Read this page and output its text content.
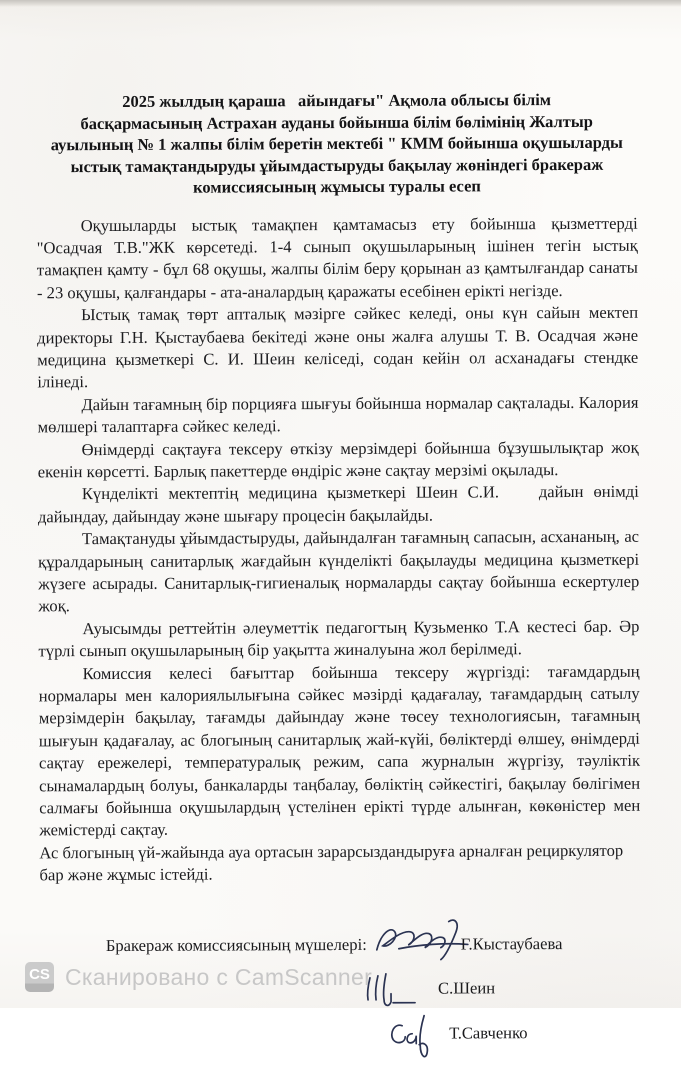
2025 жылдың қараша   айындағы" Ақмола облысы білім
басқармасының Астрахан ауданы бойынша білім бөлімінің Жалтыр
ауылының № 1 жалпы білім беретін мектебі " КММ бойынша оқушыларды
ыстық тамақтандыруды ұйымдастыруды бақылау жөніндегі бракераж
комиссиясының жұмысы туралы есеп

Оқушыларды ыстық тамақпен қамтамасыз ету бойынша қызметтерді "Осадчая Т.В."ЖК көрсетеді. 1-4 сынып оқушыларының ішінен тегін ыстық тамақпен қамту - бұл 68 оқушы, жалпы білім беру қорынан аз қамтылғандар санаты - 23 оқушы, қалғандары - ата-аналардың қаражаты есебінен ерікті негізде.

Ыстық тамақ төрт апталық мәзірге сәйкес келеді, оны күн сайын мектеп директоры Г.Н. Қыстаубаева бекітеді және оны жалға алушы Т. В. Осадчая және медицина қызметкері С. И. Шеин келіседі, содан кейін ол асханадағы стендке ілінеді.

Дайын тағамның бір порцияға шығуы бойынша нормалар сақталады. Калория мөлшері талаптарға сәйкес келеді.

Өнімдерді сақтауға тексеру өткізу мерзімдері бойынша бұзушылықтар жоқ екенін көрсетті. Барлық пакеттерде өндіріс және сақтау мерзімі оқылады.

Күнделікті мектептің медицина қызметкері Шеин С.И.    дайын өнімді дайындау, дайындау және шығару процесін бақылайды.

Тамақтануды ұйымдастыруды, дайындалған тағамның сапасын, асхананың, ас құралдарының санитарлық жағдайын күнделікті бақылауды медицина қызметкері жүзеге асырады. Санитарлық-гигиеналық нормаларды сақтау бойынша ескертулер жоқ.

Ауысымды реттейтін әлеуметтік педагогтың Кузьменко Т.А кестесі бар. Әр түрлі сынып оқушыларының бір уақытта жиналуына жол берілмеді.

Комиссия келесі бағыттар бойынша тексеру жүргізді: тағамдардың нормалары мен калориялылығына сәйкес мәзірді қадағалау, тағамдардың сатылу мерзімдерін бақылау, тағамды дайындау және төсеу технологиясын, тағамның шығуын қадағалау, ас блогының санитарлық жай-күйі, бөліктерді өлшеу, өнімдерді сақтау ережелері, температуралық режим, сапа журналын жүргізу, тәуліктік сынамалардың болуы, банкаларды таңбалау, бөліктің сәйкестігі, бақылау бөлігімен салмағы бойынша оқушылардың үстелінен ерікті түрде алынған, көкөністер мен жемістерді сақтау.

Ас блогының үй-жайында ауа ортасын зарарсыздандыруға арналған рециркулятор бар және жұмыс істейді.

Бракераж комиссиясының мүшелері:	Г.Кыстаубаева
С.Шеин
Т.Савченко
CS Сканировано с CamScanner
